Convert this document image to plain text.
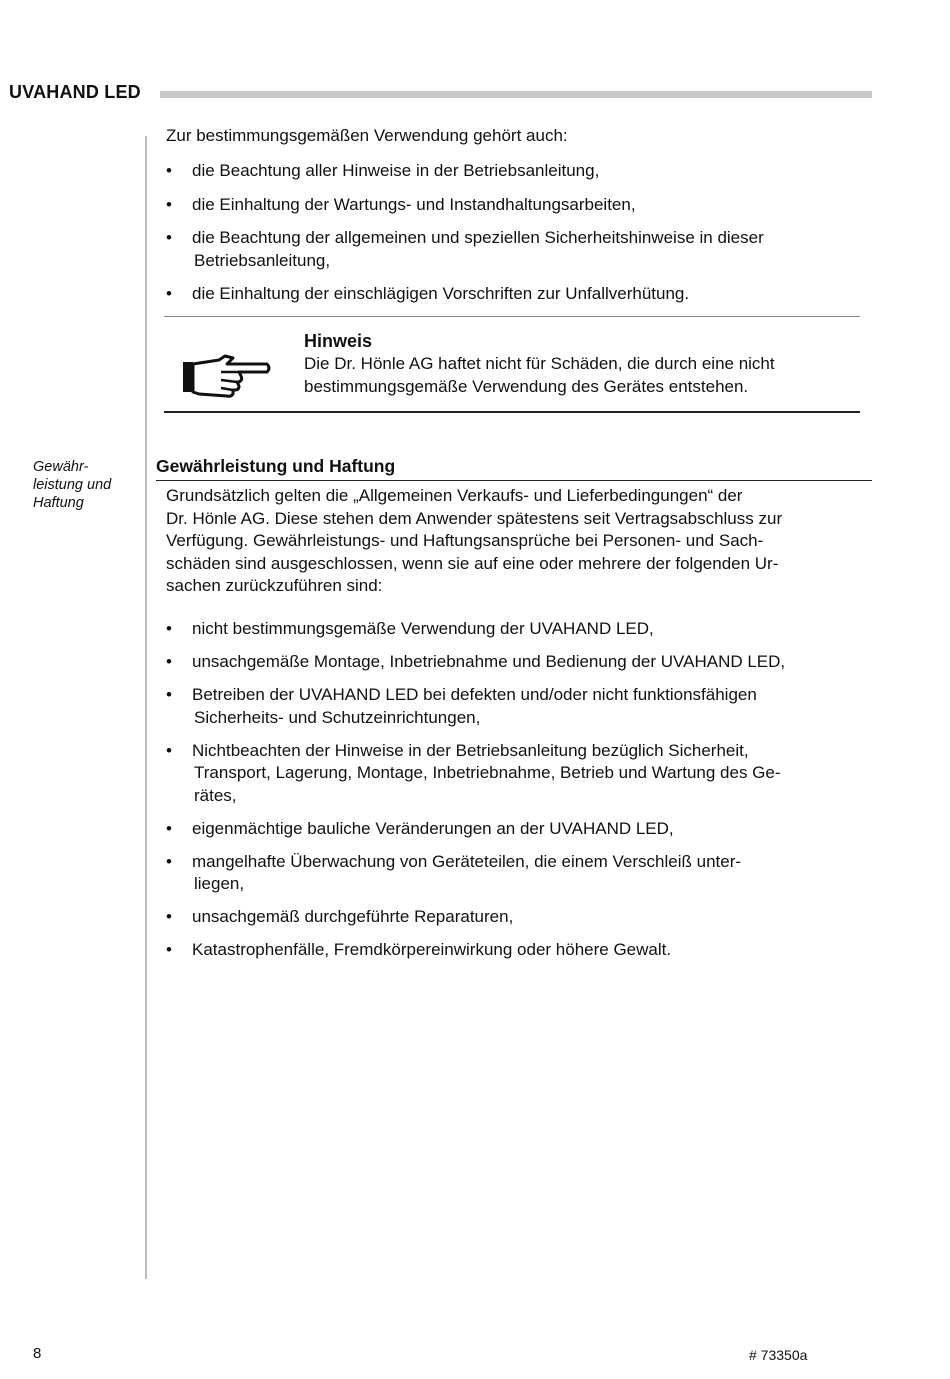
UVAHAND LED
Zur bestimmungsgemäßen Verwendung gehört auch:
•	die Beachtung aller Hinweise in der Betriebsanleitung,
•	die Einhaltung der Wartungs- und Instandhaltungsarbeiten,
•	die Beachtung der allgemeinen und speziellen Sicherheitshinweise in dieser
Betriebsanleitung,
•	die Einhaltung der einschlägigen Vorschriften zur Unfallverhütung.
Hinweis
Die Dr. Hönle AG haftet nicht für Schäden, die durch eine nicht
bestimmungsgemäße Verwendung des Gerätes entstehen.
Gewähr-
leistung und
Haftung
Gewährleistung und Haftung
Grundsätzlich gelten die „Allgemeinen Verkaufs- und Lieferbedingungen“ der
Dr. Hönle AG. Diese stehen dem Anwender spätestens seit Vertragsabschluss zur
Verfügung. Gewährleistungs- und Haftungsansprüche bei Personen- und Sach-
schäden sind ausgeschlossen, wenn sie auf eine oder mehrere der folgenden Ur-
sachen zurückzuführen sind:
•	nicht bestimmungsgemäße Verwendung der UVAHAND LED,
•	unsachgemäße Montage, Inbetriebnahme und Bedienung der UVAHAND LED,
•	Betreiben der UVAHAND LED bei defekten und/oder nicht funktionsfähigen
Sicherheits- und Schutzeinrichtungen,
•	Nichtbeachten der Hinweise in der Betriebsanleitung bezüglich Sicherheit,
Transport, Lagerung, Montage, Inbetriebnahme, Betrieb und Wartung des Ge-
rätes,
•	eigenmächtige bauliche Veränderungen an der UVAHAND LED,
•	mangelhafte Überwachung von Geräteteilen, die einem Verschleiß unter-
liegen,
•	unsachgemäß durchgeführte Reparaturen,
•	Katastrophenfälle, Fremdkörpereinwirkung oder höhere Gewalt.
8	# 73350a
